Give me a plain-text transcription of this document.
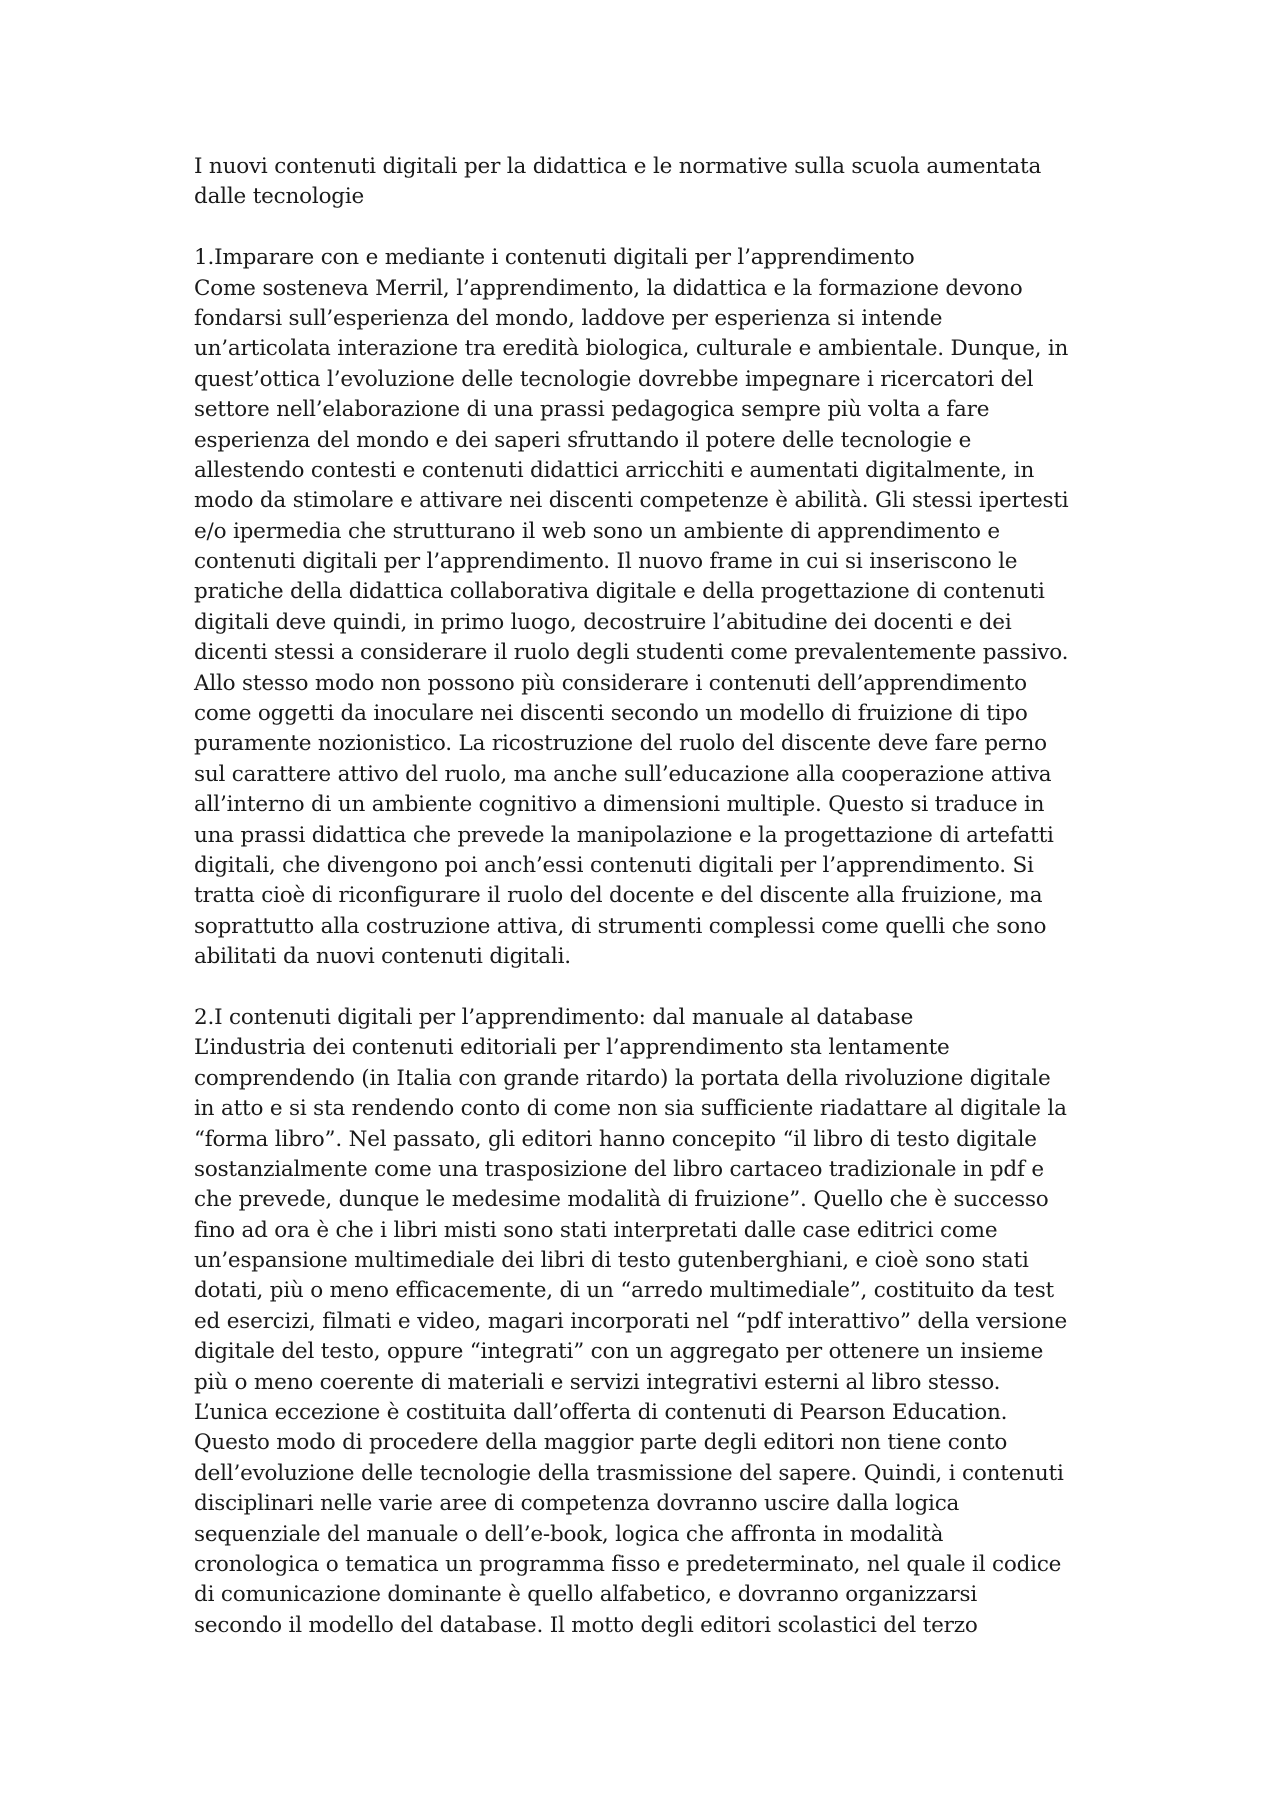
I nuovi contenuti digitali per la didattica e le normative sulla scuola aumentata
dalle tecnologie
1.Imparare con e mediante i contenuti digitali per l’apprendimento
Come sosteneva Merril, l’apprendimento, la didattica e la formazione devono
fondarsi sull’esperienza del mondo, laddove per esperienza si intende
un’articolata interazione tra eredità biologica, culturale e ambientale. Dunque, in
quest’ottica l’evoluzione delle tecnologie dovrebbe impegnare i ricercatori del
settore nell’elaborazione di una prassi pedagogica sempre più volta a fare
esperienza del mondo e dei saperi sfruttando il potere delle tecnologie e
allestendo contesti e contenuti didattici arricchiti e aumentati digitalmente, in
modo da stimolare e attivare nei discenti competenze è abilità. Gli stessi ipertesti
e/o ipermedia che strutturano il web sono un ambiente di apprendimento e
contenuti digitali per l’apprendimento. Il nuovo frame in cui si inseriscono le
pratiche della didattica collaborativa digitale e della progettazione di contenuti
digitali deve quindi, in primo luogo, decostruire l’abitudine dei docenti e dei
dicenti stessi a considerare il ruolo degli studenti come prevalentemente passivo.
Allo stesso modo non possono più considerare i contenuti dell’apprendimento
come oggetti da inoculare nei discenti secondo un modello di fruizione di tipo
puramente nozionistico. La ricostruzione del ruolo del discente deve fare perno
sul carattere attivo del ruolo, ma anche sull’educazione alla cooperazione attiva
all’interno di un ambiente cognitivo a dimensioni multiple. Questo si traduce in
una prassi didattica che prevede la manipolazione e la progettazione di artefatti
digitali, che divengono poi anch’essi contenuti digitali per l’apprendimento. Si
tratta cioè di riconfigurare il ruolo del docente e del discente alla fruizione, ma
soprattutto alla costruzione attiva, di strumenti complessi come quelli che sono
abilitati da nuovi contenuti digitali.
2.I contenuti digitali per l’apprendimento: dal manuale al database
L’industria dei contenuti editoriali per l’apprendimento sta lentamente
comprendendo (in Italia con grande ritardo) la portata della rivoluzione digitale
in atto e si sta rendendo conto di come non sia sufficiente riadattare al digitale la
“forma libro”. Nel passato, gli editori hanno concepito “il libro di testo digitale
sostanzialmente come una trasposizione del libro cartaceo tradizionale in pdf e
che prevede, dunque le medesime modalità di fruizione”. Quello che è successo
fino ad ora è che i libri misti sono stati interpretati dalle case editrici come
un’espansione multimediale dei libri di testo gutenberghiani, e cioè sono stati
dotati, più o meno efficacemente, di un “arredo multimediale”, costituito da test
ed esercizi, filmati e video, magari incorporati nel “pdf interattivo” della versione
digitale del testo, oppure “integrati” con un aggregato per ottenere un insieme
più o meno coerente di materiali e servizi integrativi esterni al libro stesso.
L’unica eccezione è costituita dall’offerta di contenuti di Pearson Education.
Questo modo di procedere della maggior parte degli editori non tiene conto
dell’evoluzione delle tecnologie della trasmissione del sapere. Quindi, i contenuti
disciplinari nelle varie aree di competenza dovranno uscire dalla logica
sequenziale del manuale o dell’e-book, logica che affronta in modalità
cronologica o tematica un programma fisso e predeterminato, nel quale il codice
di comunicazione dominante è quello alfabetico, e dovranno organizzarsi
secondo il modello del database. Il motto degli editori scolastici del terzo
